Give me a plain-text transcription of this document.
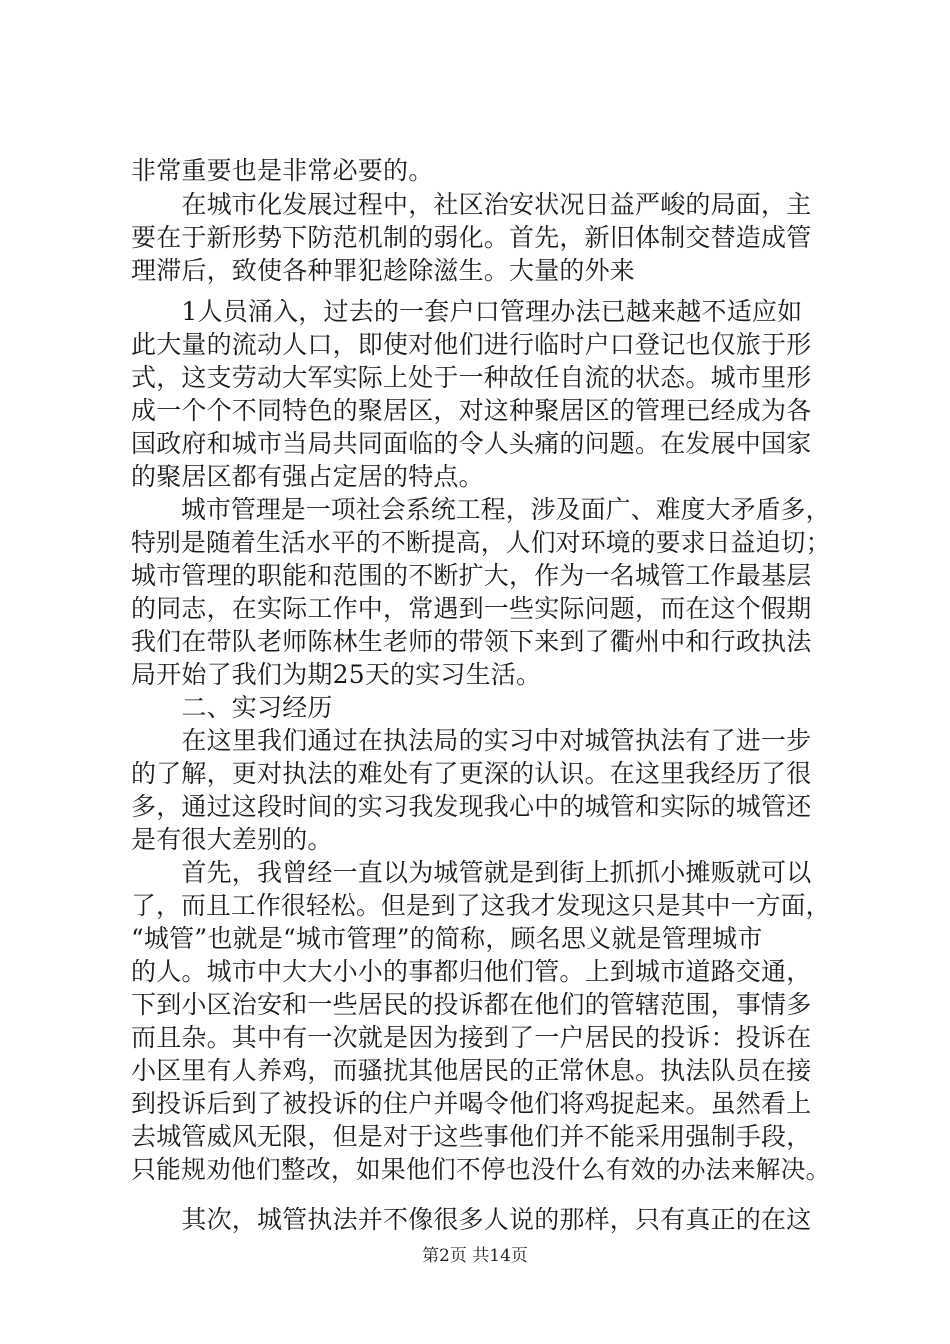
非常重要也是非常必要的。
　　在城市化发展过程中，社区治安状况日益严峻的局面，主
要在于新形势下防范机制的弱化。首先，新旧体制交替造成管
理滞后，致使各种罪犯趁除滋生。大量的外来
　　1人员涌入，过去的一套户口管理办法已越来越不适应如
此大量的流动人口，即使对他们进行临时户口登记也仅旅于形
式，这支劳动大军实际上处于一种故任自流的状态。城市里形
成一个个不同特色的聚居区，对这种聚居区的管理已经成为各
国政府和城市当局共同面临的令人头痛的问题。在发展中国家
的聚居区都有强占定居的特点。
　　城市管理是一项社会系统工程，涉及面广、难度大矛盾多，
特别是随着生活水平的不断提高，人们对环境的要求日益迫切；
城市管理的职能和范围的不断扩大，作为一名城管工作最基层
的同志，在实际工作中，常遇到一些实际问题，而在这个假期
我们在带队老师陈林生老师的带领下来到了衢州中和行政执法
局开始了我们为期25天的实习生活。
　　二、实习经历
　　在这里我们通过在执法局的实习中对城管执法有了进一步
的了解，更对执法的难处有了更深的认识。在这里我经历了很
多，通过这段时间的实习我发现我心中的城管和实际的城管还
是有很大差别的。
　　首先，我曾经一直以为城管就是到街上抓抓小摊贩就可以
了，而且工作很轻松。但是到了这我才发现这只是其中一方面，
“城管”也就是“城市管理”的简称，顾名思义就是管理城市
的人。城市中大大小小的事都归他们管。上到城市道路交通，
下到小区治安和一些居民的投诉都在他们的管辖范围，事情多
而且杂。其中有一次就是因为接到了一户居民的投诉：投诉在
小区里有人养鸡，而骚扰其他居民的正常休息。执法队员在接
到投诉后到了被投诉的住户并喝令他们将鸡捉起来。虽然看上
去城管威风无限，但是对于这些事他们并不能采用强制手段，
只能规劝他们整改，如果他们不停也没什么有效的办法来解决。
　　其次，城管执法并不像很多人说的那样，只有真正的在这
第2页 共14页
